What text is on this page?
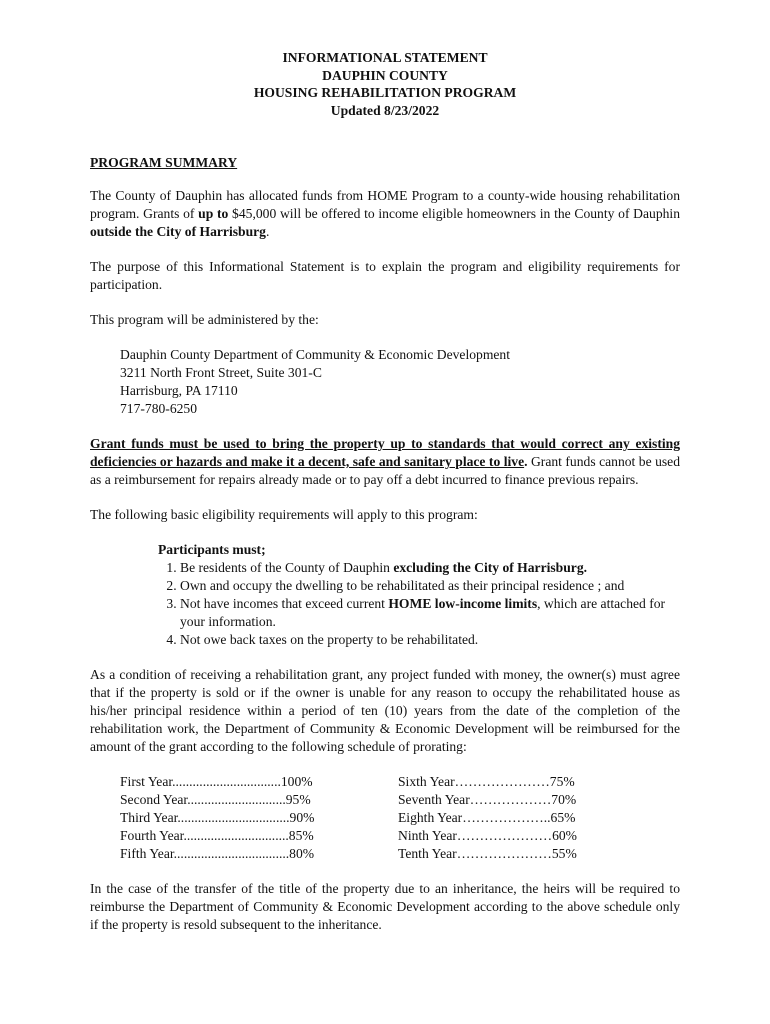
INFORMATIONAL STATEMENT
DAUPHIN COUNTY
HOUSING REHABILITATION PROGRAM
Updated 8/23/2022
PROGRAM SUMMARY

The County of Dauphin has allocated funds from HOME Program to a county-wide housing rehabilitation program. Grants of up to $45,000 will be offered to income eligible homeowners in the County of Dauphin outside the City of Harrisburg.

The purpose of this Informational Statement is to explain the program and eligibility requirements for participation.

This program will be administered by the:

Dauphin County Department of Community & Economic Development
3211 North Front Street, Suite 301-C
Harrisburg, PA 17110
717-780-6250

Grant funds must be used to bring the property up to standards that would correct any existing deficiencies or hazards and make it a decent, safe and sanitary place to live. Grant funds cannot be used as a reimbursement for repairs already made or to pay off a debt incurred to finance previous repairs.

The following basic eligibility requirements will apply to this program:

Participants must;
1. Be residents of the County of Dauphin excluding the City of Harrisburg.
2. Own and occupy the dwelling to be rehabilitated as their principal residence ; and
3. Not have incomes that exceed current HOME low-income limits, which are attached for your information.
4. Not owe back taxes on the property to be rehabilitated.

As a condition of receiving a rehabilitation grant, any project funded with money, the owner(s) must agree that if the property is sold or if the owner is unable for any reason to occupy the rehabilitated house as his/her principal residence within a period of ten (10) years from the date of the completion of the rehabilitation work, the Department of Community & Economic Development will be reimbursed for the amount of the grant according to the following schedule of prorating:

First Year................................100%
Second Year.............................95%
Third Year.................................90%
Fourth Year...............................85%
Fifth Year..................................80%
Sixth Year…………………75%
Seventh Year………………70%
Eighth Year………………..65%
Ninth Year…………………60%
Tenth Year…………………55%

In the case of the transfer of the title of the property due to an inheritance, the heirs will be required to reimburse the Department of Community & Economic Development according to the above schedule only if the property is resold subsequent to the inheritance.
